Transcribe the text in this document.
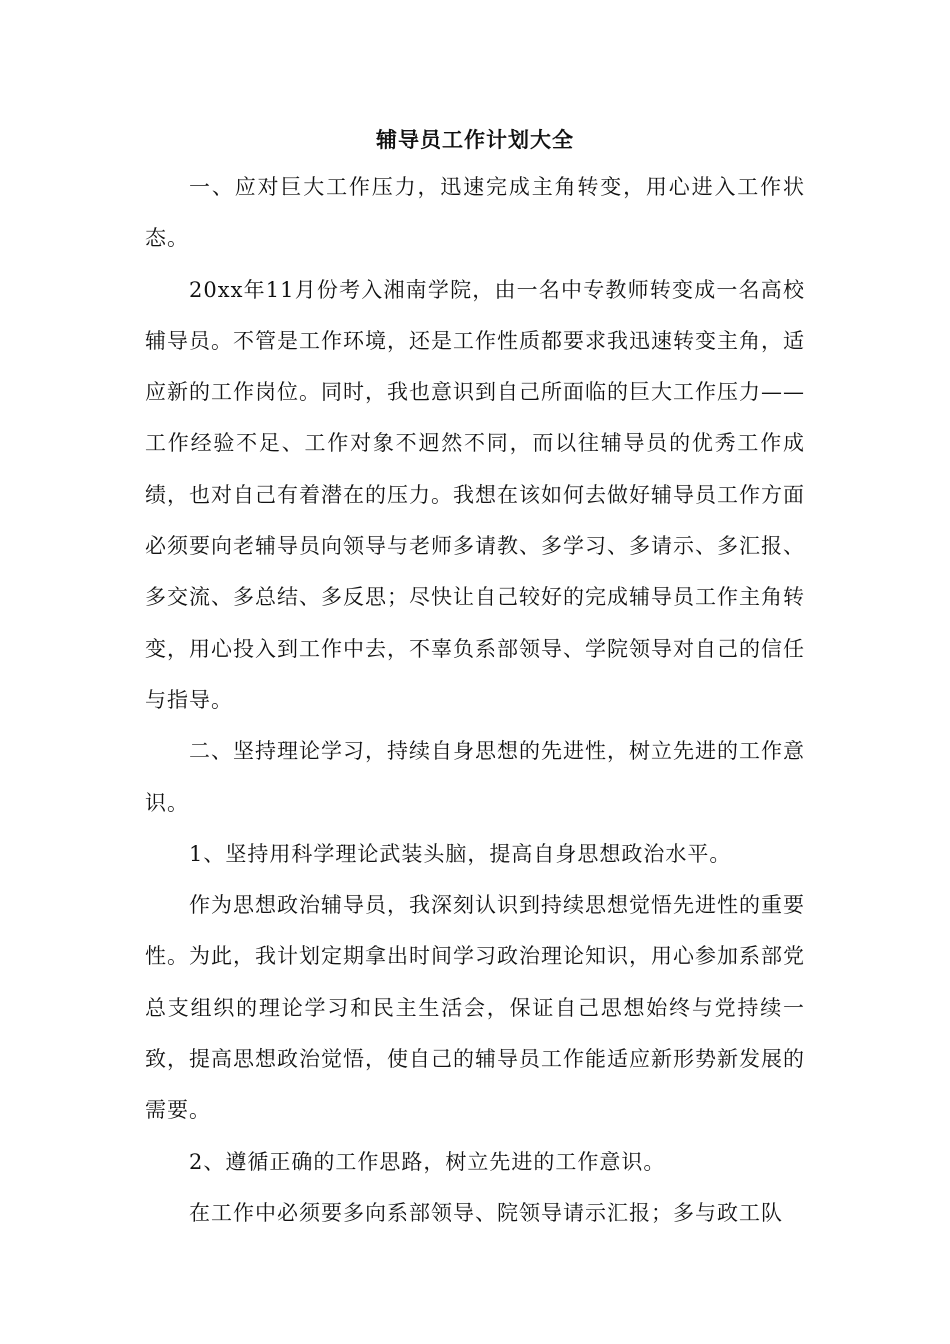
辅导员工作计划大全

一、应对巨大工作压力，迅速完成主角转变，用心进入工作状态。

20xx年11月份考入湘南学院，由一名中专教师转变成一名高校辅导员。不管是工作环境，还是工作性质都要求我迅速转变主角，适应新的工作岗位。同时，我也意识到自己所面临的巨大工作压力——工作经验不足、工作对象不迥然不同，而以往辅导员的优秀工作成绩，也对自己有着潜在的压力。我想在该如何去做好辅导员工作方面必须要向老辅导员向领导与老师多请教、多学习、多请示、多汇报、多交流、多总结、多反思；尽快让自己较好的完成辅导员工作主角转变，用心投入到工作中去，不辜负系部领导、学院领导对自己的信任与指导。

二、坚持理论学习，持续自身思想的先进性，树立先进的工作意识。

1、坚持用科学理论武装头脑，提高自身思想政治水平。

作为思想政治辅导员，我深刻认识到持续思想觉悟先进性的重要性。为此，我计划定期拿出时间学习政治理论知识，用心参加系部党总支组织的理论学习和民主生活会，保证自己思想始终与党持续一致，提高思想政治觉悟，使自己的辅导员工作能适应新形势新发展的需要。

2、遵循正确的工作思路，树立先进的工作意识。

在工作中必须要多向系部领导、院领导请示汇报；多与政工队
